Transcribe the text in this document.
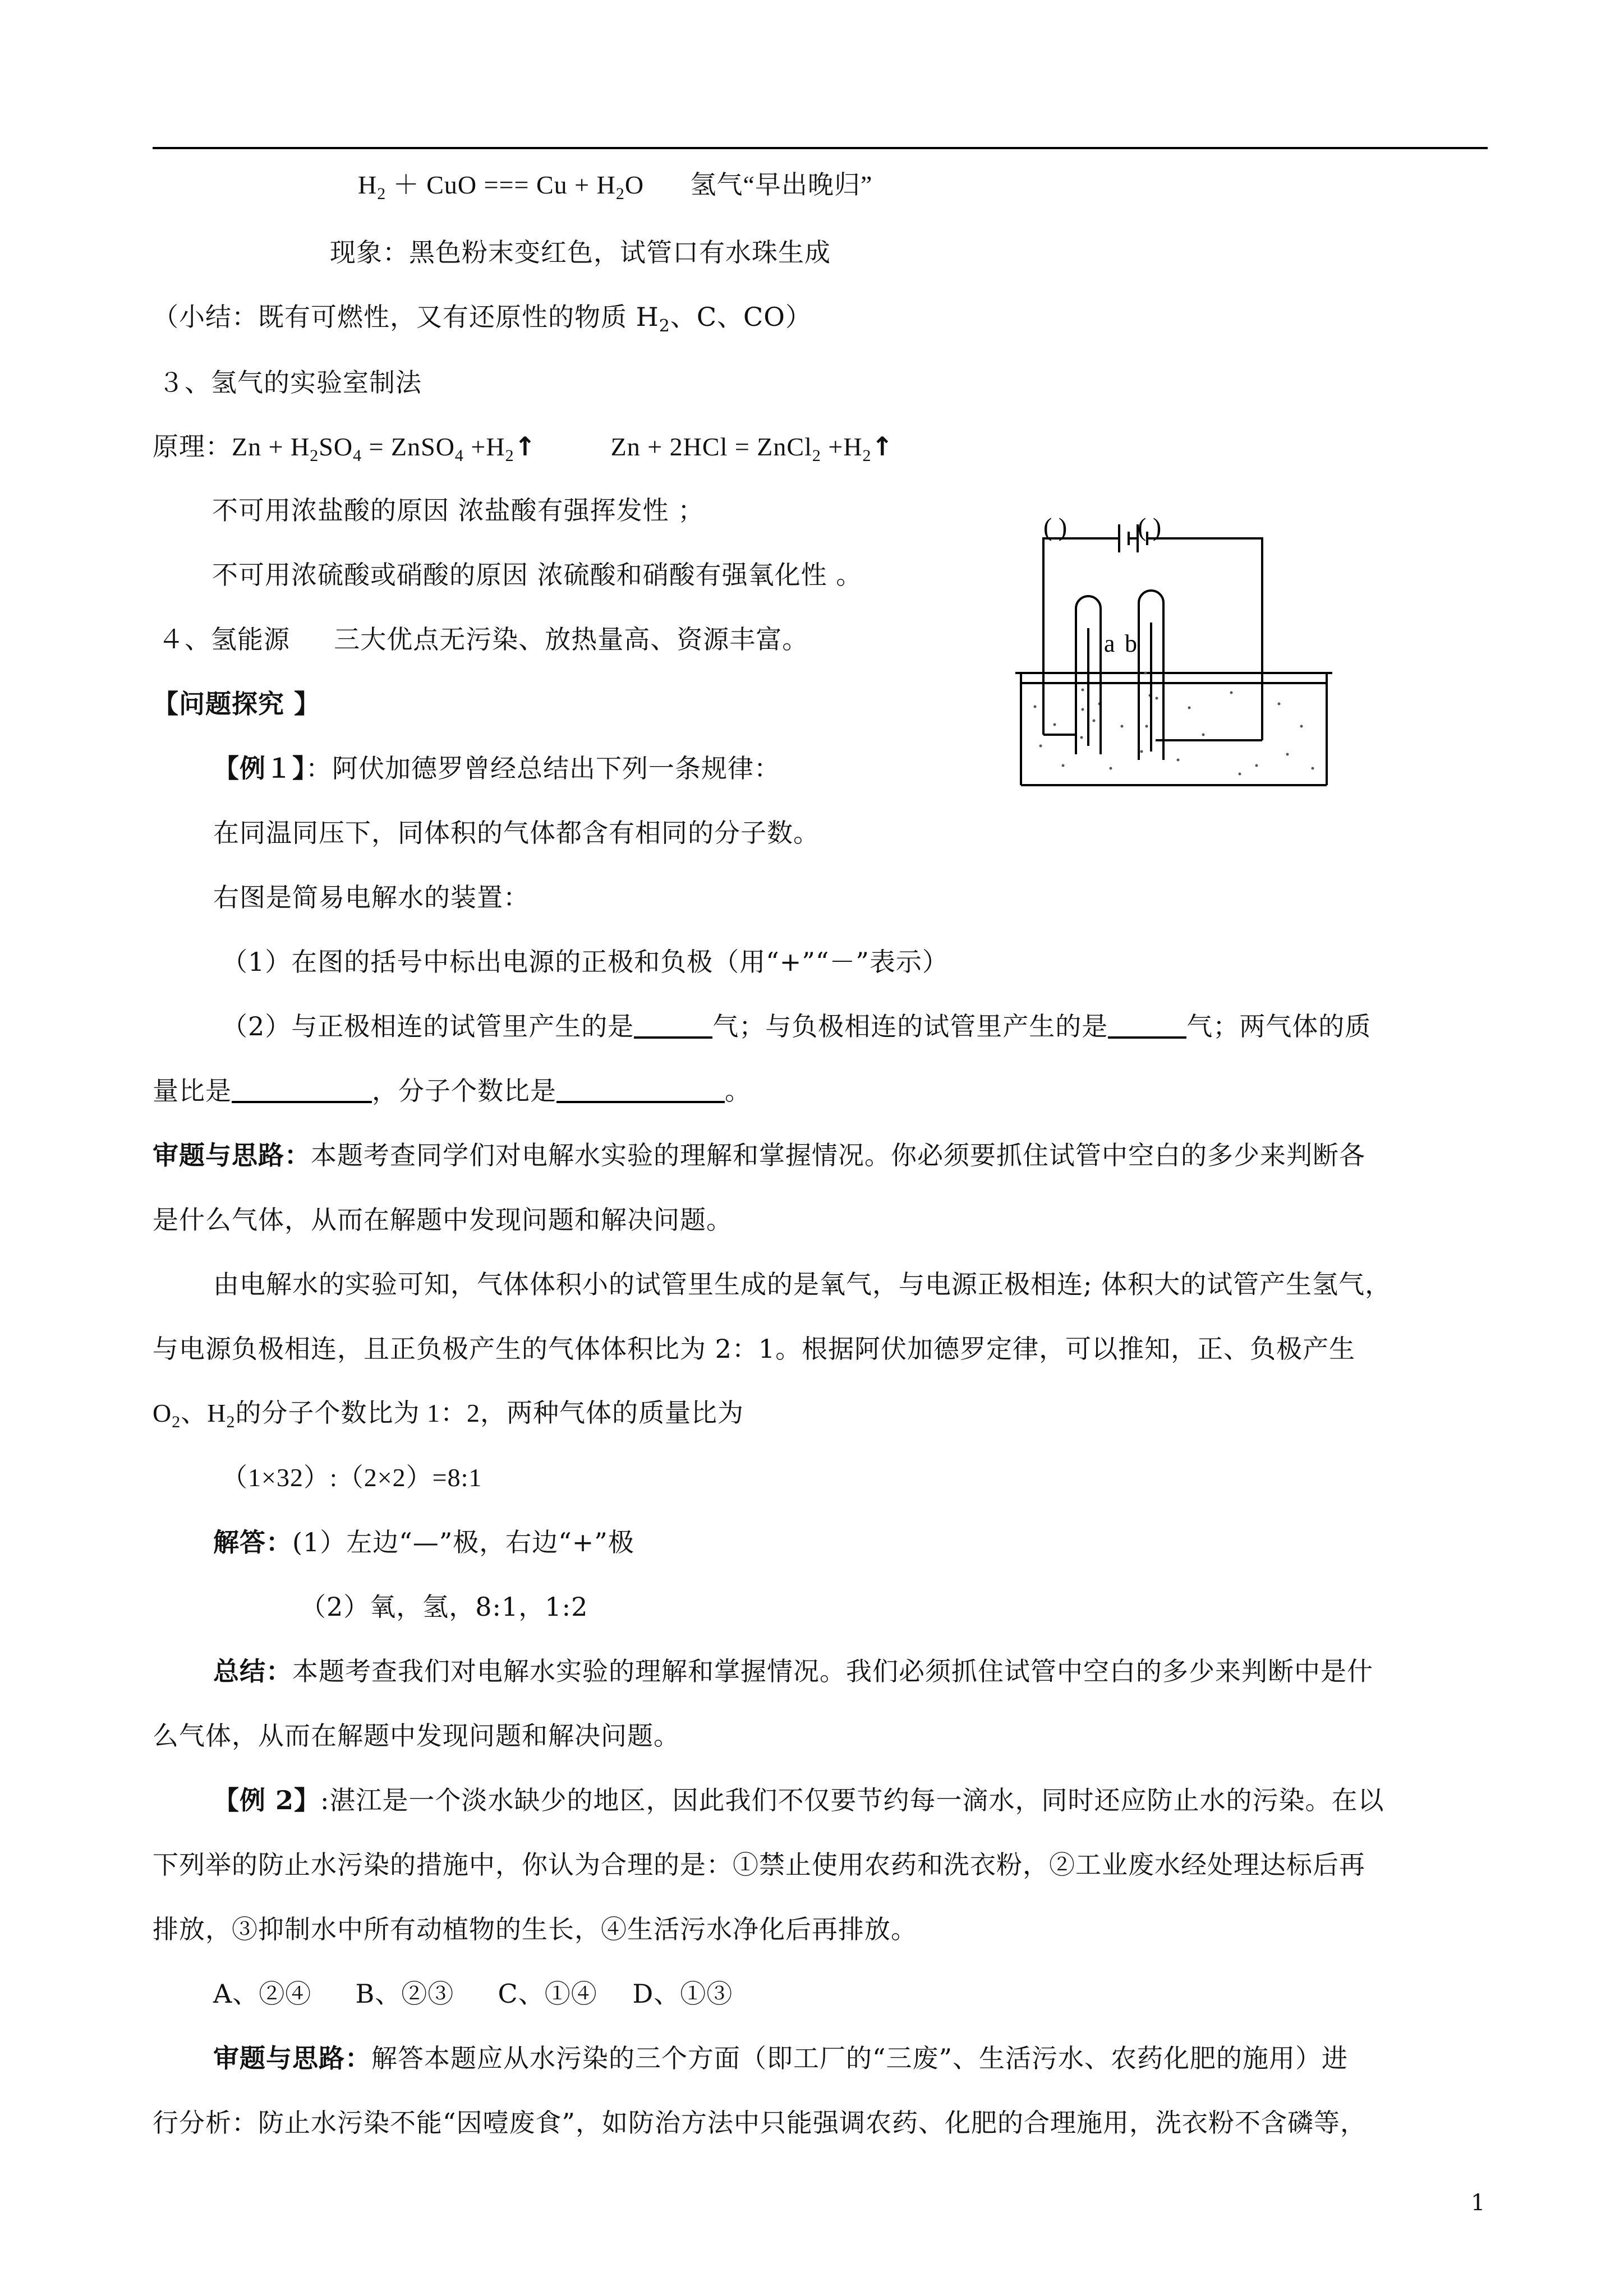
$H_2$ ＋ CuO === $Cu + H_2O$ 氢气“早出晚归”
现象：黑色粉末变红色，试管口有水珠生成
（小结：既有可燃性，又有还原性的物质 $H_2$、C、CO）
３、氢气的实验室制法
原理：$Zn + H_2SO_4$ = ZnSO$_4$ $+H_2↑$	Zn + 2HCl = ZnCl$_2$ $+H_2↑$
不可用浓盐酸的原因 浓盐酸有强挥发性 ；
不可用浓硫酸或硝酸的原因 浓硫酸和硝酸有强氧化性 。
４、氢能源 　 三大优点无污染、放热量高、资源丰富。
【问题探究 】
【例１】：阿伏加德罗曾经总结出下列一条规律：
在同温同压下，同体积的气体都含有相同的分子数。
右图是简易电解水的装置：
（1）在图的括号中标出电源的正极和负极（用“+”“－”表示）
（2）与正极相连的试管里产生的是	气；与负极相连的试管里产生的是	气；两气体的质
量比是	，分子个数比是	。
审题与思路：本题考查同学们对电解水实验的理解和掌握情况。你必须要抓住试管中空白的多少来判断各
是什么气体，从而在解题中发现问题和解决问题。
由电解水的实验可知，气体体积小的试管里生成的是氧气，与电源正极相连; 体积大的试管产生氢气，
与电源负极相连，且正负极产生的气体体积比为 2：1。根据阿伏加德罗定律，可以推知，正、负极产生
$O_2$、$H_2$的分子个数比为 1：2，两种气体的质量比为
（1×32）:（2×2）=8:1
解答：(1）左边“—”极，右边“+”极
（2）氧，氢，8:1，1:2
总结：本题考查我们对电解水实验的理解和掌握情况。我们必须抓住试管中空白的多少来判断中是什
么气体，从而在解题中发现问题和解决问题。
【例 2】:湛江是一个淡水缺少的地区，因此我们不仅要节约每一滴水，同时还应防止水的污染。在以
下列举的防止水污染的措施中，你认为合理的是：①禁止使用农药和洗衣粉，②工业废水经处理达标后再
排放，③抑制水中所有动植物的生长，④生活污水净化后再排放。
A、②④ 　 B、②③ 　 C、①④ 　D、①③
审题与思路：解答本题应从水污染的三个方面（即工厂的“三废”、生活污水、农药化肥的施用）进
行分析：防止水污染不能“因噎废食”，如防治方法中只能强调农药、化肥的合理施用，洗衣粉不含磷等，
( )	( )
a b
1
